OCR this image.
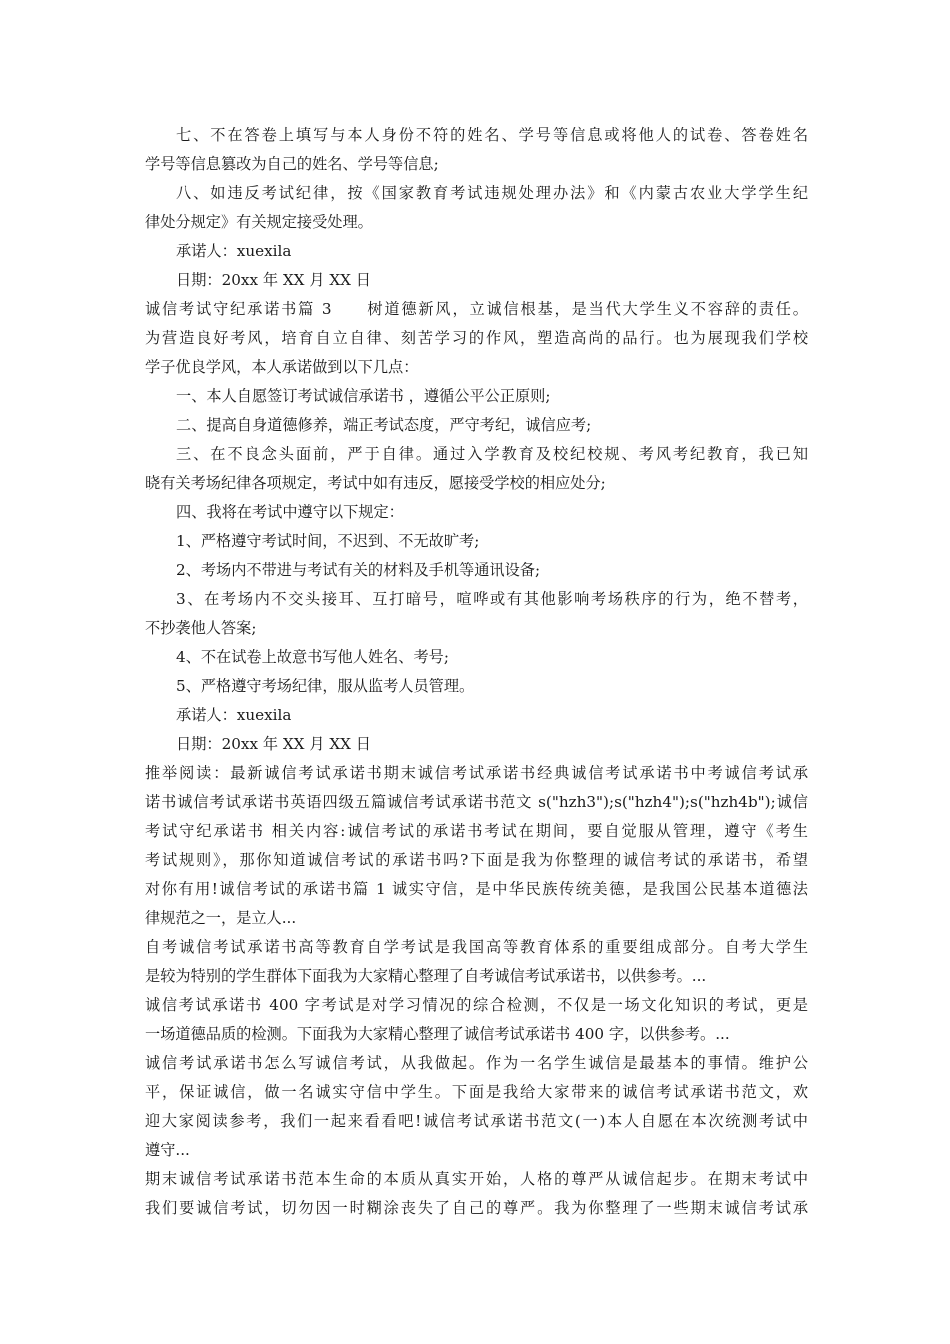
七、不在答卷上填写与本人身份不符的姓名、学号等信息或将他人的试卷、答卷姓名
学号等信息篡改为自己的姓名、学号等信息;
八、如违反考试纪律，按《国家教育考试违规处理办法》和《内蒙古农业大学学生纪
律处分规定》有关规定接受处理。
承诺人：xuexila
日期：20xx 年 XX 月 XX 日
诚信考试守纪承诺书篇 3　　树道德新风，立诚信根基，是当代大学生义不容辞的责任。
为营造良好考风，培育自立自律、刻苦学习的作风，塑造高尚的品行。也为展现我们学校
学子优良学风，本人承诺做到以下几点：
一、本人自愿签订考试诚信承诺书 ，遵循公平公正原则;
二、提高自身道德修养，端正考试态度，严守考纪，诚信应考;
三、在不良念头面前，严于自律。通过入学教育及校纪校规、考风考纪教育，我已知
晓有关考场纪律各项规定，考试中如有违反，愿接受学校的相应处分;
四、我将在考试中遵守以下规定：
1、严格遵守考试时间，不迟到、不无故旷考;
2、考场内不带进与考试有关的材料及手机等通讯设备;
3、在考场内不交头接耳、互打暗号，喧哗或有其他影响考场秩序的行为，绝不替考，
不抄袭他人答案;
4、不在试卷上故意书写他人姓名、考号;
5、严格遵守考场纪律，服从监考人员管理。
承诺人：xuexila
日期：20xx 年 XX 月 XX 日
推举阅读：最新诚信考试承诺书期末诚信考试承诺书经典诚信考试承诺书中考诚信考试承
诺书诚信考试承诺书英语四级五篇诚信考试承诺书范文 s("hzh3");s("hzh4");s("hzh4b");诚信
考试守纪承诺书 相关内容:诚信考试的承诺书考试在期间，要自觉服从管理，遵守《考生
考试规则》，那你知道诚信考试的承诺书吗?下面是我为你整理的诚信考试的承诺书，希望
对你有用!诚信考试的承诺书篇 1 诚实守信，是中华民族传统美德，是我国公民基本道德法
律规范之一，是立人...
自考诚信考试承诺书高等教育自学考试是我国高等教育体系的重要组成部分。自考大学生
是较为特别的学生群体下面我为大家精心整理了自考诚信考试承诺书，以供参考。...
诚信考试承诺书 400 字考试是对学习情况的综合检测，不仅是一场文化知识的考试，更是
一场道德品质的检测。下面我为大家精心整理了诚信考试承诺书 400 字，以供参考。...
诚信考试承诺书怎么写诚信考试，从我做起。作为一名学生诚信是最基本的事情。维护公
平，保证诚信，做一名诚实守信中学生。下面是我给大家带来的诚信考试承诺书范文，欢
迎大家阅读参考，我们一起来看看吧!诚信考试承诺书范文(一)本人自愿在本次统测考试中
遵守...
期末诚信考试承诺书范本生命的本质从真实开始，人格的尊严从诚信起步。在期末考试中
我们要诚信考试，切勿因一时糊涂丧失了自己的尊严。我为你整理了一些期末诚信考试承
